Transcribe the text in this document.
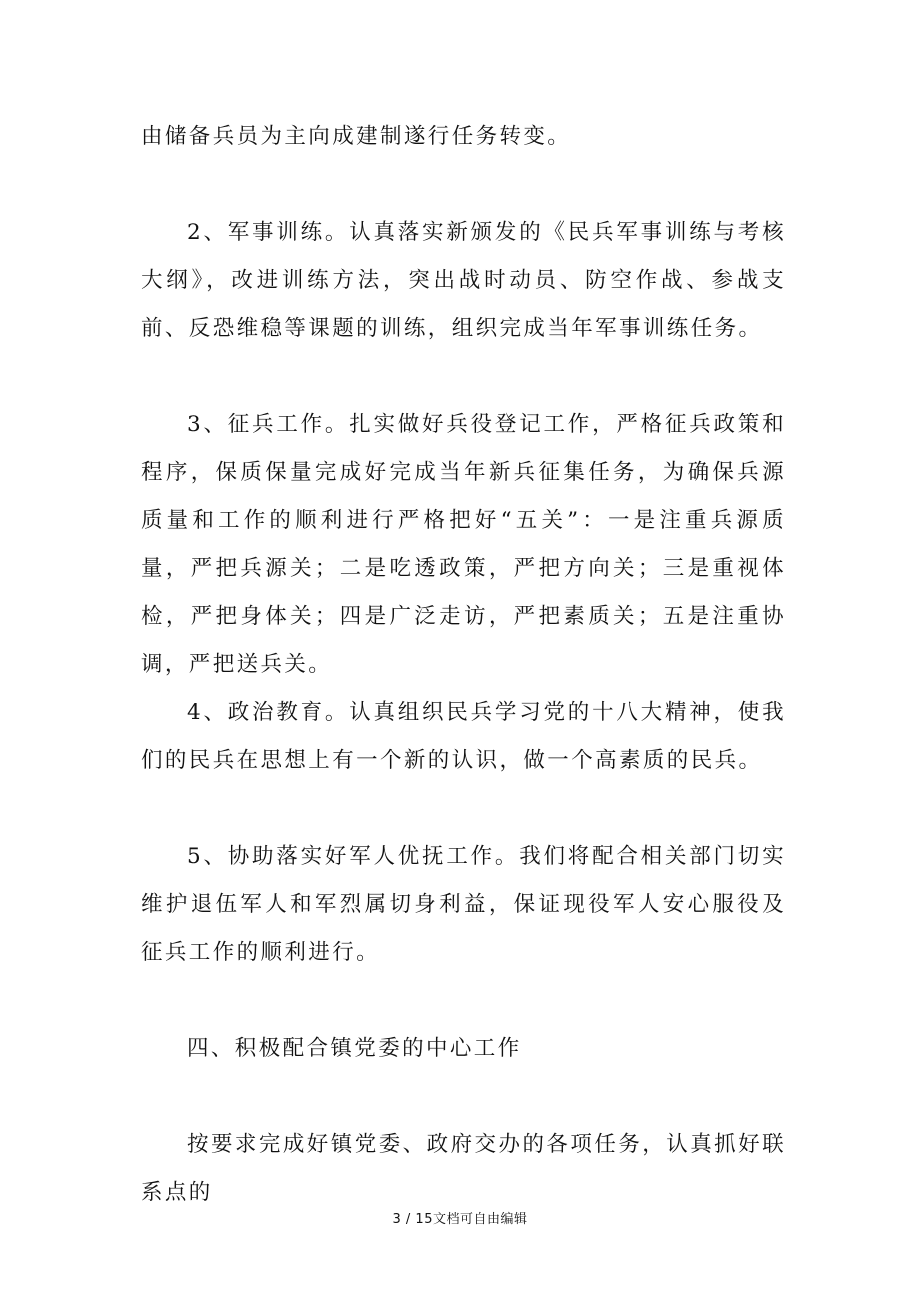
由储备兵员为主向成建制遂行任务转变。

2、军事训练。认真落实新颁发的《民兵军事训练与考核大纲》，改进训练方法，突出战时动员、防空作战、参战支前、反恐维稳等课题的训练，组织完成当年军事训练任务。

3、征兵工作。扎实做好兵役登记工作，严格征兵政策和程序，保质保量完成好完成当年新兵征集任务，为确保兵源质量和工作的顺利进行严格把好“五关”：一是注重兵源质量，严把兵源关；二是吃透政策，严把方向关；三是重视体检，严把身体关；四是广泛走访，严把素质关；五是注重协调，严把送兵关。

4、政治教育。认真组织民兵学习党的十八大精神，使我们的民兵在思想上有一个新的认识，做一个高素质的民兵。

5、协助落实好军人优抚工作。我们将配合相关部门切实维护退伍军人和军烈属切身利益，保证现役军人安心服役及征兵工作的顺利进行。

四、积极配合镇党委的中心工作

按要求完成好镇党委、政府交办的各项任务，认真抓好联系点的

3 / 15文档可自由编辑
